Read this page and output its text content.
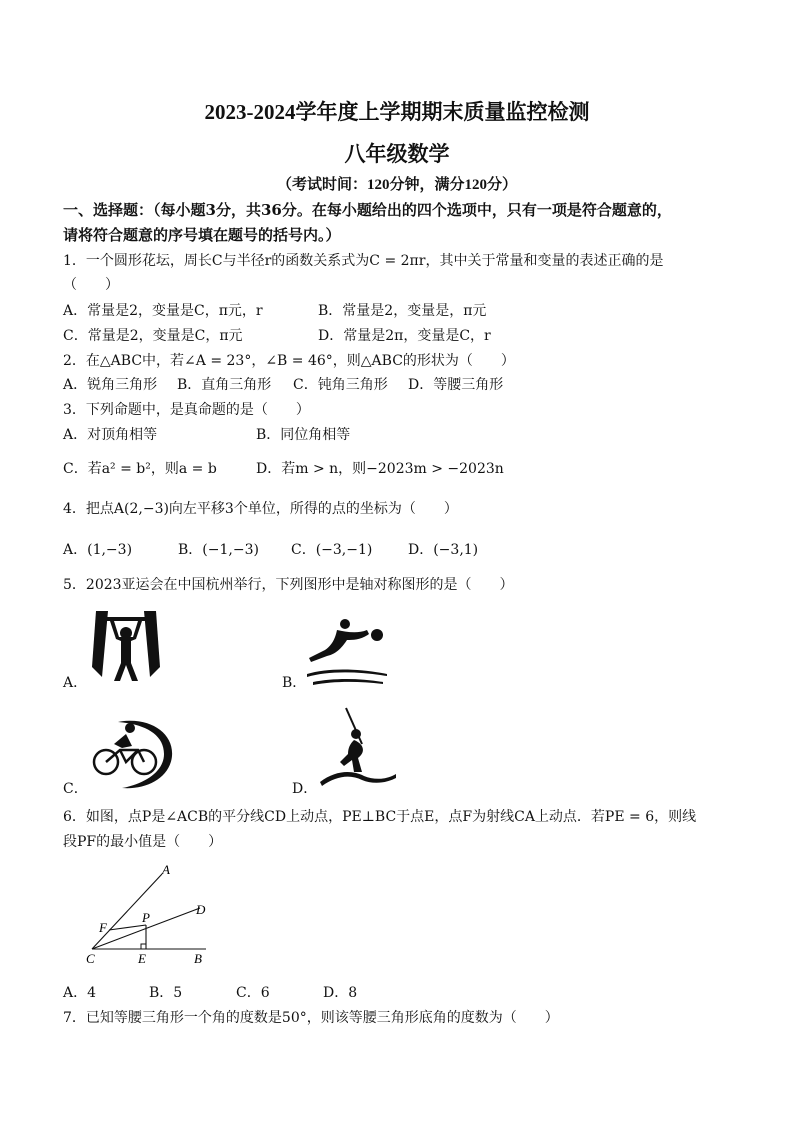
2023-2024学年度上学期期末质量监控检测
八年级数学
（考试时间：120分钟，满分120分）
一、选择题：（每小题3分，共36分。在每小题给出的四个选项中，只有一项是符合题意的，
请将符合题意的序号填在题号的括号内。）
1．一个圆形花坛，周长C与半径r的函数关系式为C = 2πr，其中关于常量和变量的表述正确的是
（　　）
A．常量是2，变量是C，π元，r	B．常量是2，变量是，π元
C．常量是2，变量是C，π元	D．常量是2π，变量是C，r
2．在△ABC中，若∠A = 23°，∠B = 46°，则△ABC的形状为（　　）
A．锐角三角形 B．直角三角形 C．钝角三角形 D．等腰三角形
3．下列命题中，是真命题的是（　　）
A．对顶角相等	B．同位角相等
C．若a² = b²，则a = b	D．若m > n，则−2023m > −2023n
4．把点A(2,−3)向左平移3个单位，所得的点的坐标为（　　）
A．(1,−3)	B．(−1,−3) C．(−3,−1)	D．(−3,1)
5．2023亚运会在中国杭州举行，下列图形中是轴对称图形的是（　　）
A．	B．
C．	D．
6．如图，点P是∠ACB的平分线CD上动点，PE⊥BC于点E，点F为射线CA上动点．若PE = 6，则线
段PF的最小值是（　　）
A
D
P
F
C	E	B
A．4	B．5	C．6	D．8
7．已知等腰三角形一个角的度数是50°，则该等腰三角形底角的度数为（　　）
